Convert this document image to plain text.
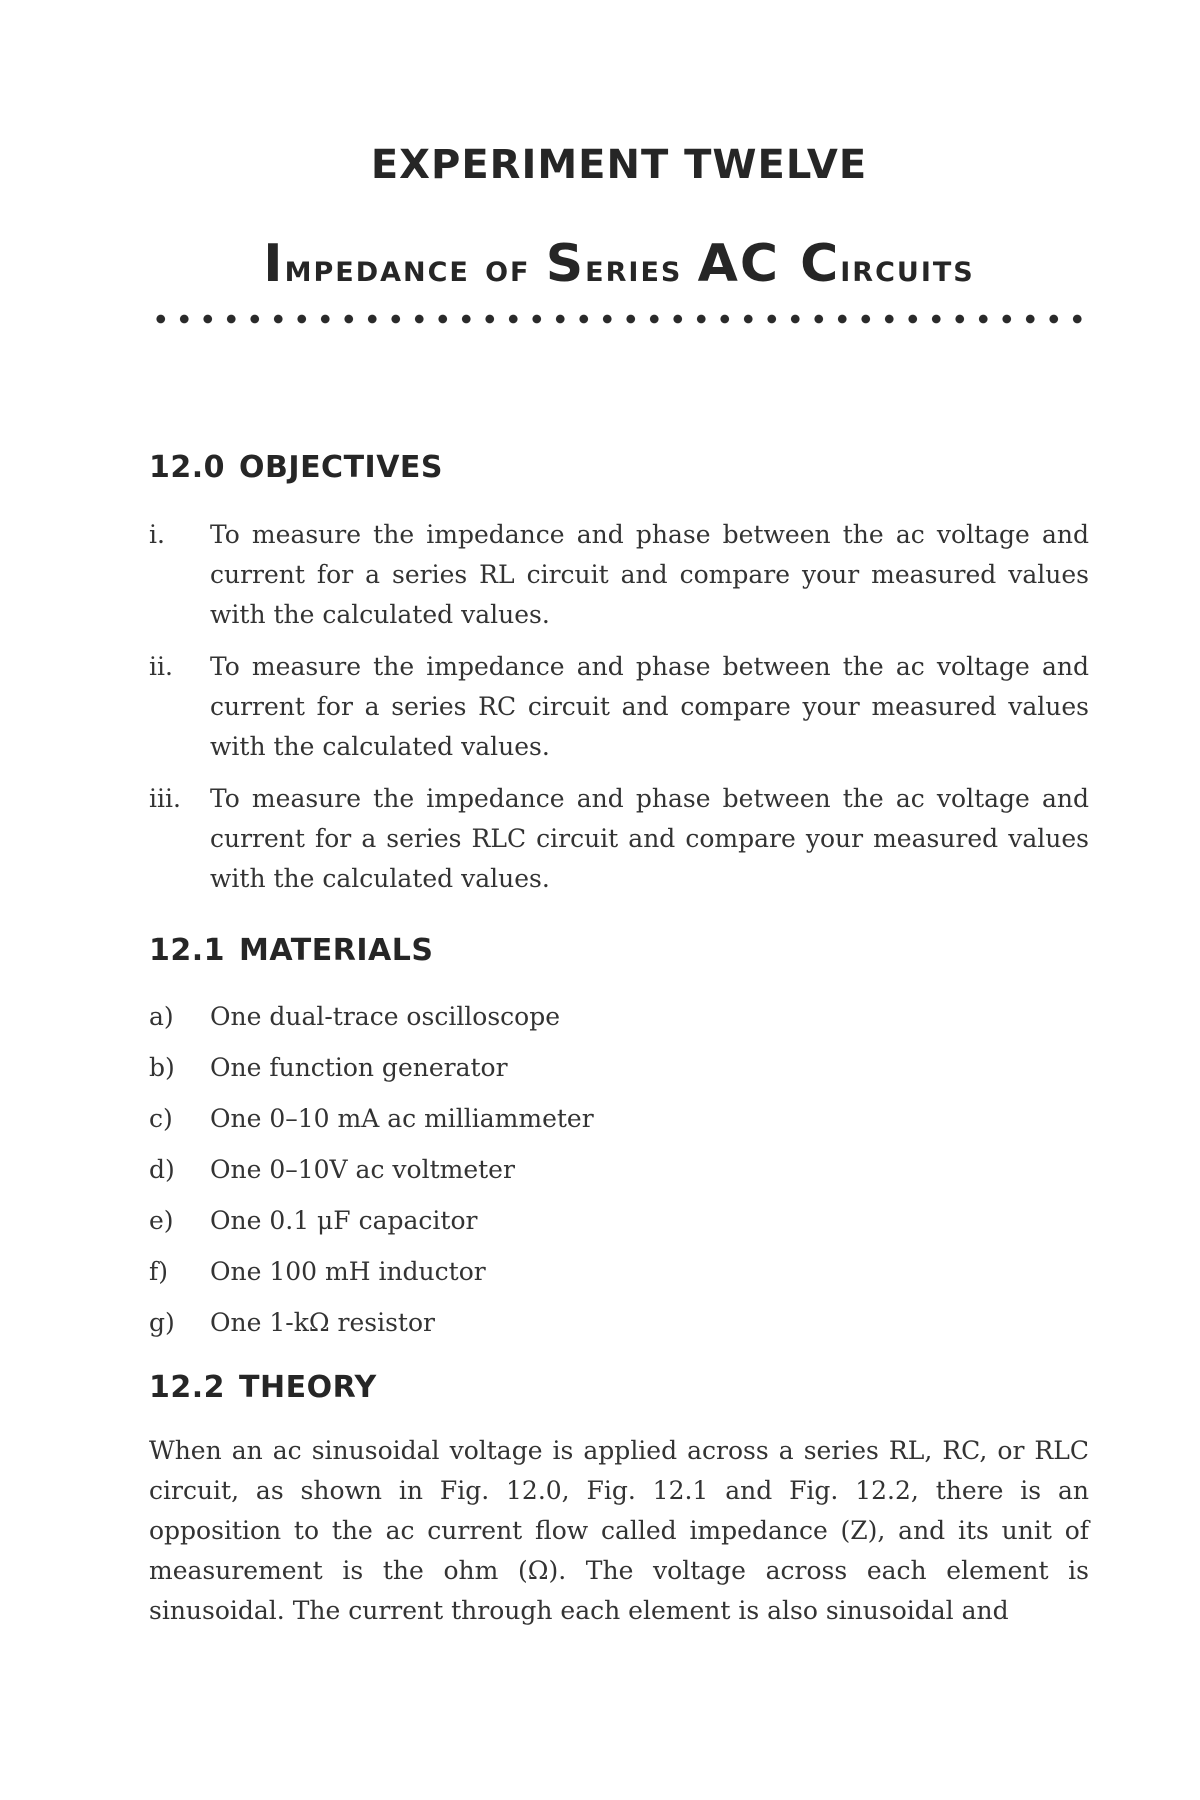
EXPERIMENT TWELVE
Impedance of Series AC Circuits
12.0 OBJECTIVES
i. To measure the impedance and phase between the ac voltage and current for a series RL circuit and compare your measured values with the calculated values.
ii. To measure the impedance and phase between the ac voltage and current for a series RC circuit and compare your measured values with the calculated values.
iii. To measure the impedance and phase between the ac voltage and current for a series RLC circuit and compare your measured values with the calculated values.
12.1 MATERIALS
a) One dual-trace oscilloscope
b) One function generator
c) One 0–10 mA ac milliammeter
d) One 0–10V ac voltmeter
e) One 0.1 μF capacitor
f) One 100 mH inductor
g) One 1-kΩ resistor
12.2 THEORY

When an ac sinusoidal voltage is applied across a series RL, RC, or RLC circuit, as shown in Fig. 12.0, Fig. 12.1 and Fig. 12.2, there is an opposition to the ac current flow called impedance (Z), and its unit of measurement is the ohm (Ω). The voltage across each element is sinusoidal. The current through each element is also sinusoidal and
